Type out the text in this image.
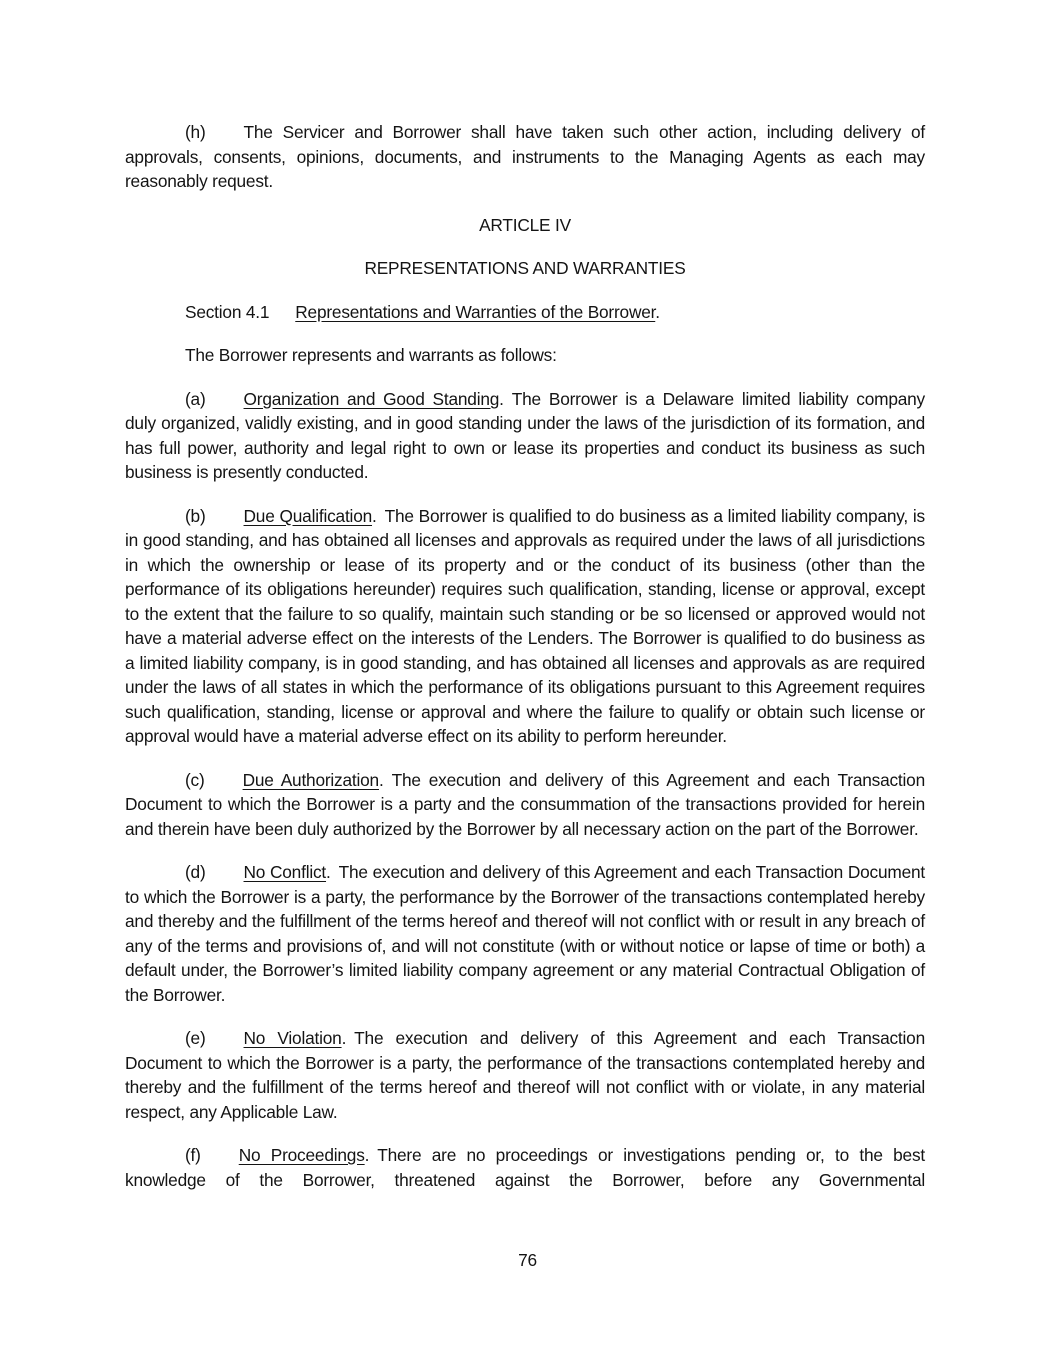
(h) The Servicer and Borrower shall have taken such other action, including delivery of approvals, consents, opinions, documents, and instruments to the Managing Agents as each may reasonably request.

ARTICLE IV

REPRESENTATIONS AND WARRANTIES

Section 4.1 Representations and Warranties of the Borrower.

The Borrower represents and warrants as follows:

(a) Organization and Good Standing. The Borrower is a Delaware limited liability company duly organized, validly existing, and in good standing under the laws of the jurisdiction of its formation, and has full power, authority and legal right to own or lease its properties and conduct its business as such business is presently conducted.

(b) Due Qualification. The Borrower is qualified to do business as a limited liability company, is in good standing, and has obtained all licenses and approvals as required under the laws of all jurisdictions in which the ownership or lease of its property and or the conduct of its business (other than the performance of its obligations hereunder) requires such qualification, standing, license or approval, except to the extent that the failure to so qualify, maintain such standing or be so licensed or approved would not have a material adverse effect on the interests of the Lenders. The Borrower is qualified to do business as a limited liability company, is in good standing, and has obtained all licenses and approvals as are required under the laws of all states in which the performance of its obligations pursuant to this Agreement requires such qualification, standing, license or approval and where the failure to qualify or obtain such license or approval would have a material adverse effect on its ability to perform hereunder.

(c) Due Authorization. The execution and delivery of this Agreement and each Transaction Document to which the Borrower is a party and the consummation of the transactions provided for herein and therein have been duly authorized by the Borrower by all necessary action on the part of the Borrower.

(d) No Conflict. The execution and delivery of this Agreement and each Transaction Document to which the Borrower is a party, the performance by the Borrower of the transactions contemplated hereby and thereby and the fulfillment of the terms hereof and thereof will not conflict with or result in any breach of any of the terms and provisions of, and will not constitute (with or without notice or lapse of time or both) a default under, the Borrower’s limited liability company agreement or any material Contractual Obligation of the Borrower.

(e) No Violation. The execution and delivery of this Agreement and each Transaction Document to which the Borrower is a party, the performance of the transactions contemplated hereby and thereby and the fulfillment of the terms hereof and thereof will not conflict with or violate, in any material respect, any Applicable Law.

(f) No Proceedings. There are no proceedings or investigations pending or, to the best knowledge of the Borrower, threatened against the Borrower, before any Governmental

76
